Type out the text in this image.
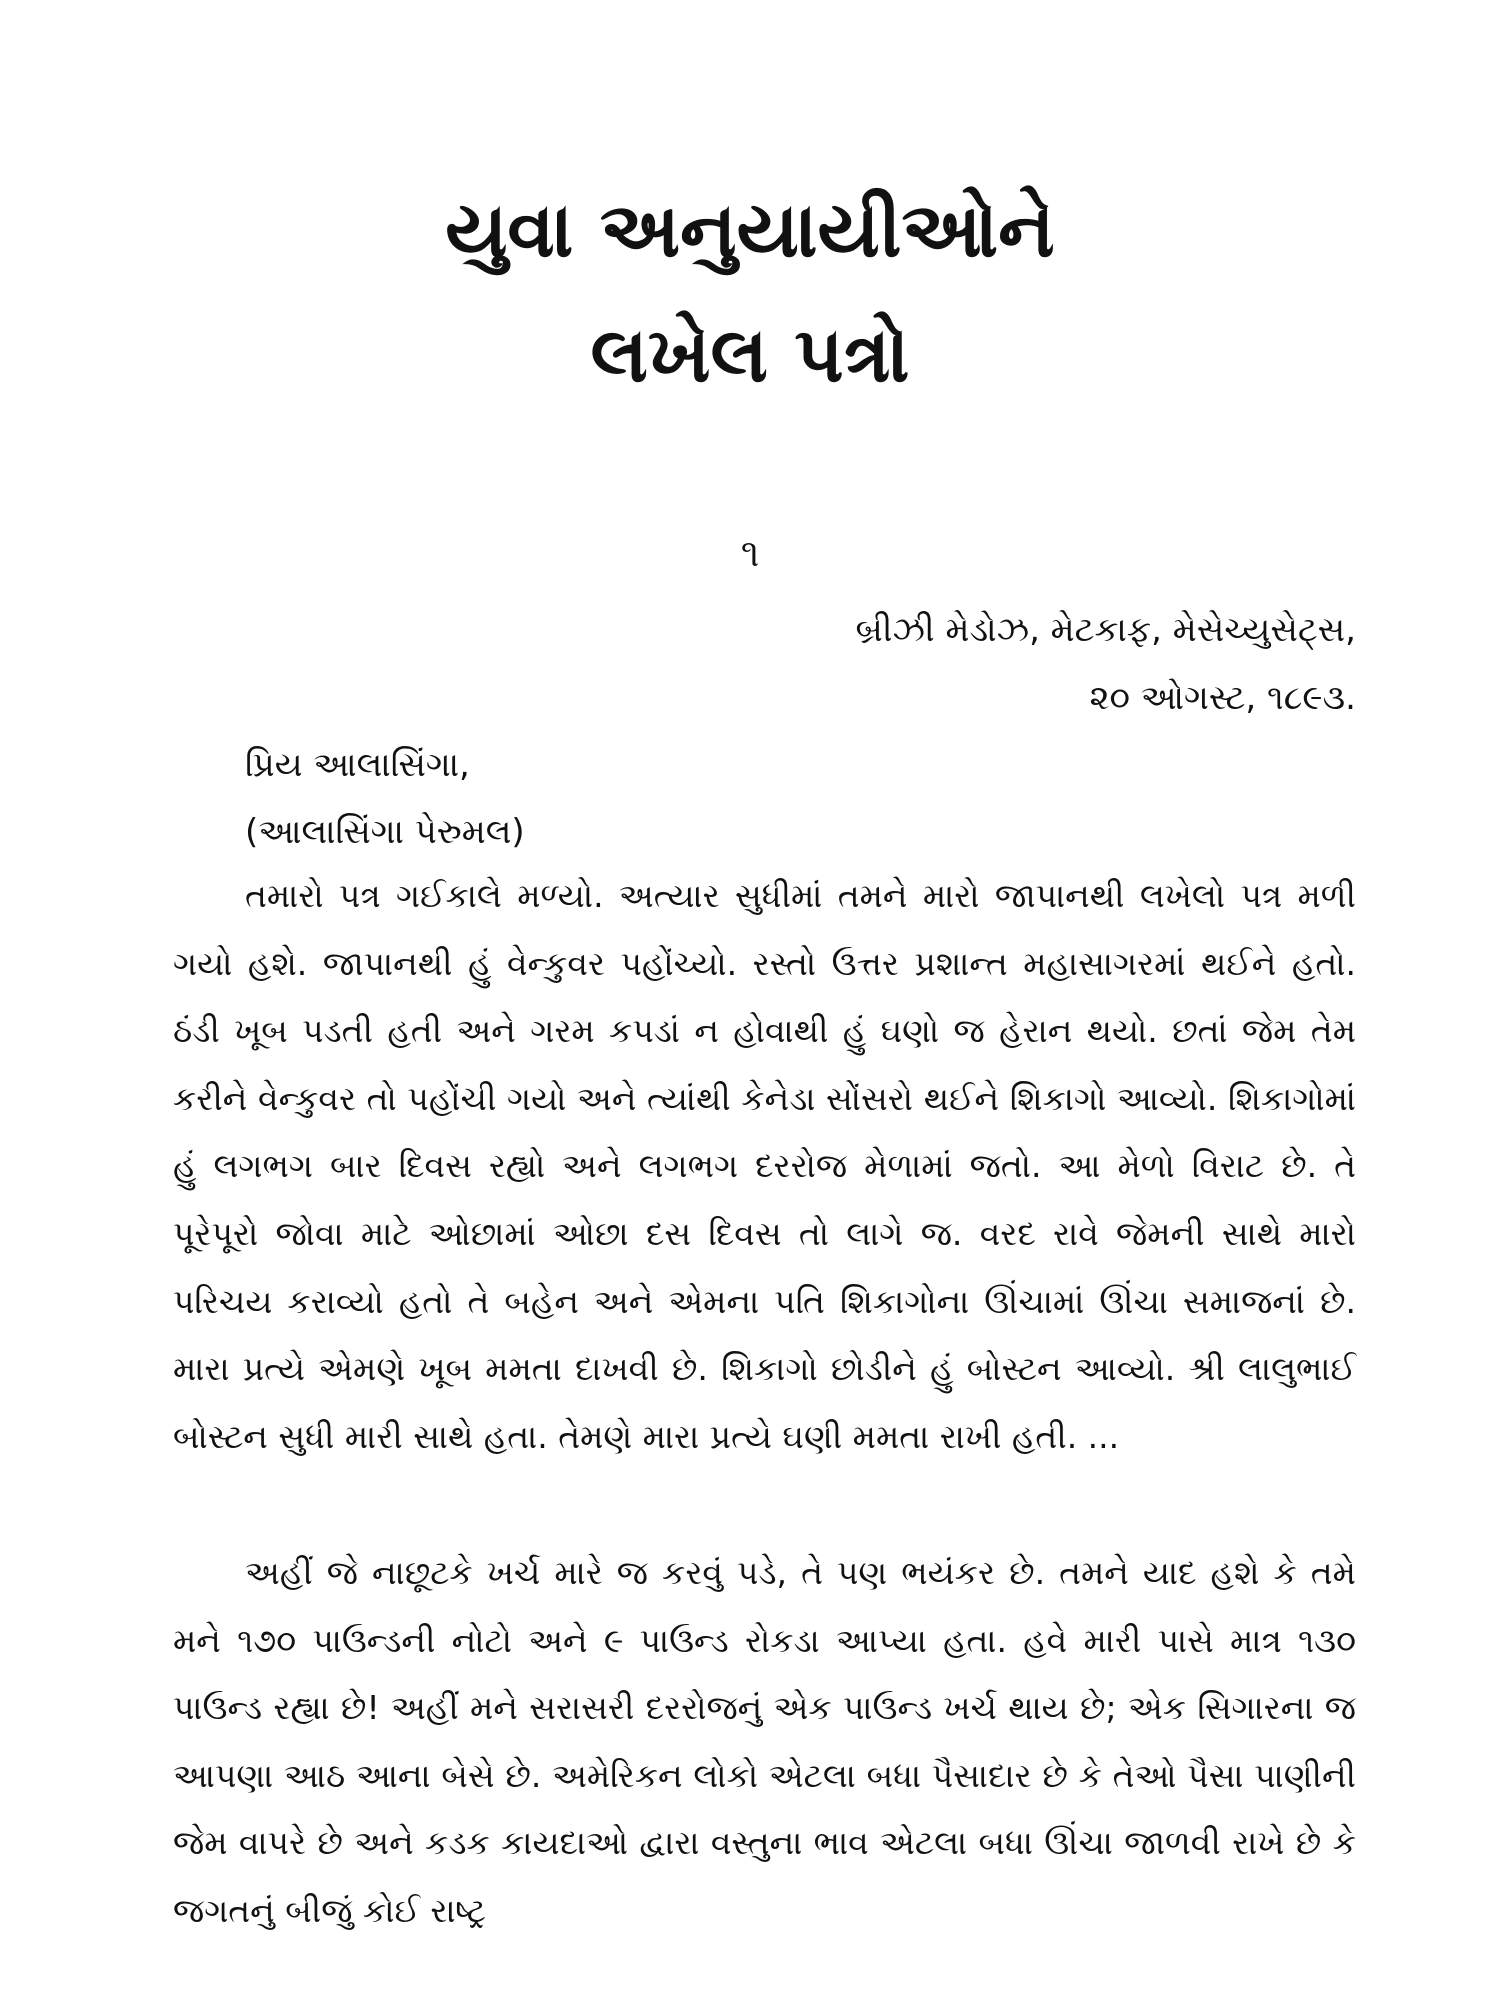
યુવા અનુયાયીઓને
લખેલ પત્રો
૧
બ્રીઝી મેડોઝ, મેટકાફ, મેસેચ્યુસેટ્સ,
૨૦ ઓગસ્ટ, ૧૮૯૩.
પ્રિય આલાસિંગા,
(આલાસિંગા પેરુમલ)

તમારો પત્ર ગઈકાલે મળ્યો. અત્યાર સુધીમાં તમને મારો જાપાનથી લખેલો પત્ર મળી ગયો હશે. જાપાનથી હું વેન્કુવર પહોંચ્યો. રસ્તો ઉત્તર પ્રશાન્ત મહાસાગરમાં થઈને હતો. ઠંડી ખૂબ પડતી હતી અને ગરમ કપડાં ન હોવાથી હું ઘણો જ હેરાન થયો. છતાં જેમ તેમ કરીને વેન્કુવર તો પહોંચી ગયો અને ત્યાંથી કેનેડા સોંસરો થઈને શિકાગો આવ્યો. શિકાગોમાં હું લગભગ બાર દિવસ રહ્યો અને લગભગ દરરોજ મેળામાં જતો. આ મેળો વિરાટ છે. તે પૂરેપૂરો જોવા માટે ઓછામાં ઓછા દસ દિવસ તો લાગે જ. વરદ રાવે જેમની સાથે મારો પરિચય કરાવ્યો હતો તે બહેન અને એમના પતિ શિકાગોના ઊંચામાં ઊંચા સમાજનાં છે. મારા પ્રત્યે એમણે ખૂબ મમતા દાખવી છે. શિકાગો છોડીને હું બોસ્ટન આવ્યો. શ્રી લાલુભાઈ બોસ્ટન સુધી મારી સાથે હતા. તેમણે મારા પ્રત્યે ઘણી મમતા રાખી હતી. ...

અહીં જે નાછૂટકે ખર્ચ મારે જ કરવું પડે, તે પણ ભયંકર છે. તમને યાદ હશે કે તમે મને ૧૭૦ પાઉન્ડની નોટો અને ૯ પાઉન્ડ રોકડા આપ્યા હતા. હવે મારી પાસે માત્ર ૧૩૦ પાઉન્ડ રહ્યા છે! અહીં મને સરાસરી દરરોજનું એક પાઉન્ડ ખર્ચ થાય છે; એક સિગારના જ આપણા આઠ આના બેસે છે. અમેરિકન લોકો એટલા બધા પૈસાદાર છે કે તેઓ પૈસા પાણીની જેમ વાપરે છે અને કડક કાયદાઓ દ્વારા વસ્તુના ભાવ એટલા બધા ઊંચા જાળવી રાખે છે કે જગતનું બીજું કોઈ રાષ્ટ્ર
